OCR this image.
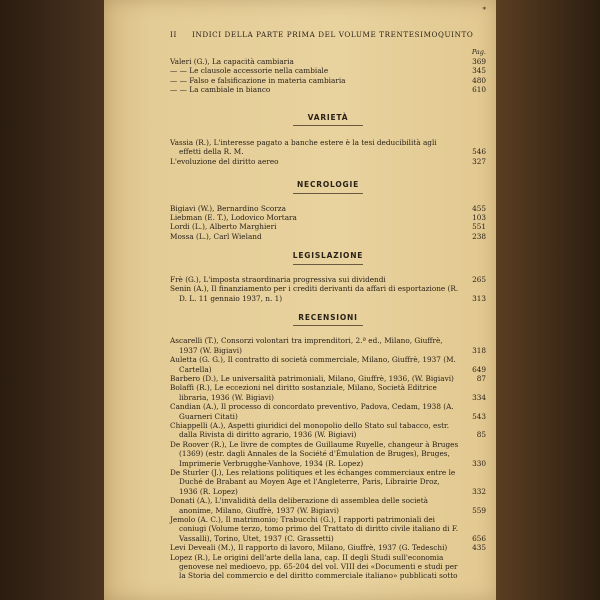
*
II INDICI DELLA PARTE PRIMA DEL VOLUME TRENTESIMOQUINTO
Pag.
Valeri (G.), La capacità cambiaria	369
— — Le clausole accessorie nella cambiale	345
— — Falso e falsificazione in materia cambiaria	480
— — La cambiale in bianco	610
VARIETÀ
Vassia (R.), L'interesse pagato a banche estere è la tesi deducibilità agli effetti della R. M.	546
L'evoluzione del diritto aereo	327
NECROLOGIE
Bigiavi (W.), Bernardino Scorza	455
Liebman (E. T.), Lodovico Mortara	103
Lordi (L.), Alberto Marghieri	551
Mossa (L.), Carl Wieland	238
LEGISLAZIONE
Frè (G.), L'imposta straordinaria progressiva sui dividendi	265
Senin (A.), Il finanziamento per i crediti derivanti da affari di esportazione (R. D. L. 11 gennaio 1937, n. 1)	313
RECENSIONI
Ascarelli (T.), Consorzi volontari tra imprenditori, 2.ª ed., Milano, Giuffrè, 1937 (W. Bigiavi)	318
Auletta (G. G.), Il contratto di società commerciale, Milano, Giuffrè, 1937 (M. Cartella)	649
Barbero (D.), Le universalità patrimoniali, Milano, Giuffrè, 1936, (W. Bigiavi)	87
Bolaffi (R.), Le eccezioni nel diritto sostanziale, Milano, Società Editrice libraria, 1936 (W. Bigiavi)	334
Candian (A.), Il processo di concordato preventivo, Padova, Cedam, 1938 (A. Guarneri Citati)	543
Chiappelli (A.), Aspetti giuridici del monopolio dello Stato sul tabacco, estr. dalla Rivista di diritto agrario, 1936 (W. Bigiavi)	85
De Roover (R.), Le livre de comptes de Guillaume Ruyelle, changeur à Bruges (1369) (estr. dagli Annales de la Société d'Émulation de Bruges), Bruges, Imprimerie Verbrugghe-Vanhove, 1934 (R. Lopez)	330
De Sturler (J.), Les relations politiques et les échanges commerciaux entre le Duché de Brabant au Moyen Age et l'Angleterre, Paris, Librairie Droz, 1936 (R. Lopez)	332
Donati (A.), L'invalidità della deliberazione di assemblea delle società anonime, Milano, Giuffrè, 1937 (W. Bigiavi)	559
Jemolo (A. C.), Il matrimonio; Trabucchi (G.), I rapporti patrimoniali dei coniugi (Volume terzo, tomo primo del Trattato di diritto civile italiano di F. Vassalli), Torino, Utet, 1937 (C. Grassetti)	656
Levi Deveali (M.), Il rapporto di lavoro, Milano, Giuffrè, 1937 (G. Tedeschi)	435
Lopez (R.), Le origini dell'arte della lana, cap. II degli Studi sull'economia genovese nel medioevo, pp. 65-204 del vol. VIII dei «Documenti e studi per la Storia del commercio e del diritto commerciale italiano» pubblicati sotto
